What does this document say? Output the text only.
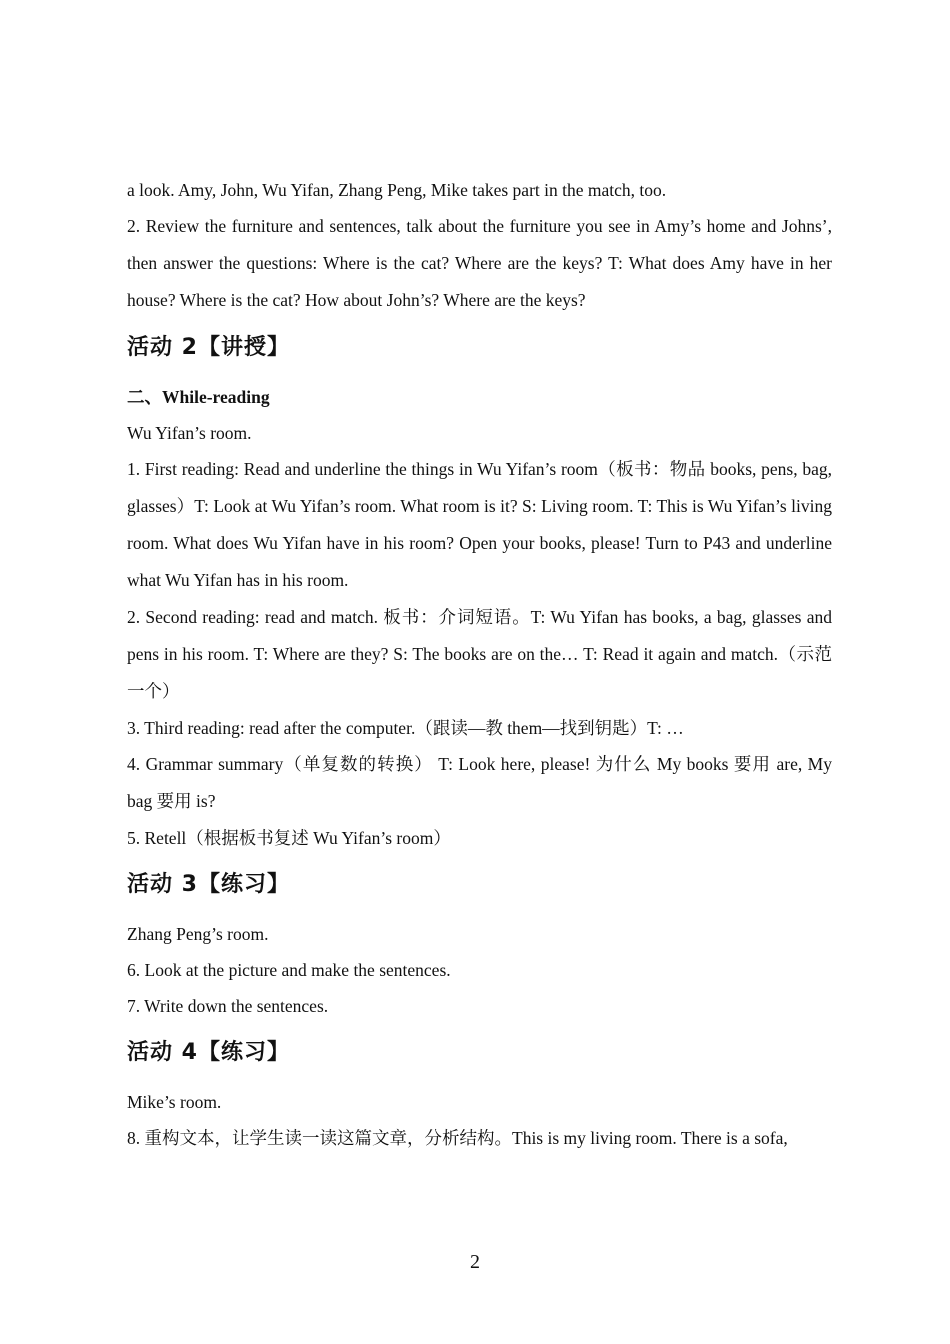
a look. Amy, John, Wu Yifan, Zhang Peng, Mike takes part in the match, too.

2. Review the furniture and sentences, talk about the furniture you see in Amy’s home and Johns’, then answer the questions: Where is the cat? Where are the keys? T: What does Amy have in her house? Where is the cat? How about John’s? Where are the keys?

活动 2【讲授】

二、While-reading

Wu Yifan’s room.

1. First reading: Read and underline the things in Wu Yifan’s room（板书：物品 books, pens, bag, glasses）T: Look at Wu Yifan’s room. What room is it? S: Living room. T: This is Wu Yifan’s living room. What does Wu Yifan have in his room? Open your books, please! Turn to P43 and underline what Wu Yifan has in his room.

2. Second reading: read and match. 板书：介词短语。T: Wu Yifan has books, a bag, glasses and pens in his room. T: Where are they? S: The books are on the… T: Read it again and match.（示范一个）

3. Third reading: read after the computer.（跟读—教 them—找到钥匙）T: …

4. Grammar summary（单复数的转换） T: Look here, please! 为什么 My books 要用 are, My bag 要用 is?

5. Retell（根据板书复述 Wu Yifan’s room）

活动 3【练习】

Zhang Peng’s room.

6. Look at the picture and make the sentences.

7. Write down the sentences.

活动 4【练习】

Mike’s room.

8. 重构文本，让学生读一读这篇文章，分析结构。This is my living room. There is a sofa,

2
